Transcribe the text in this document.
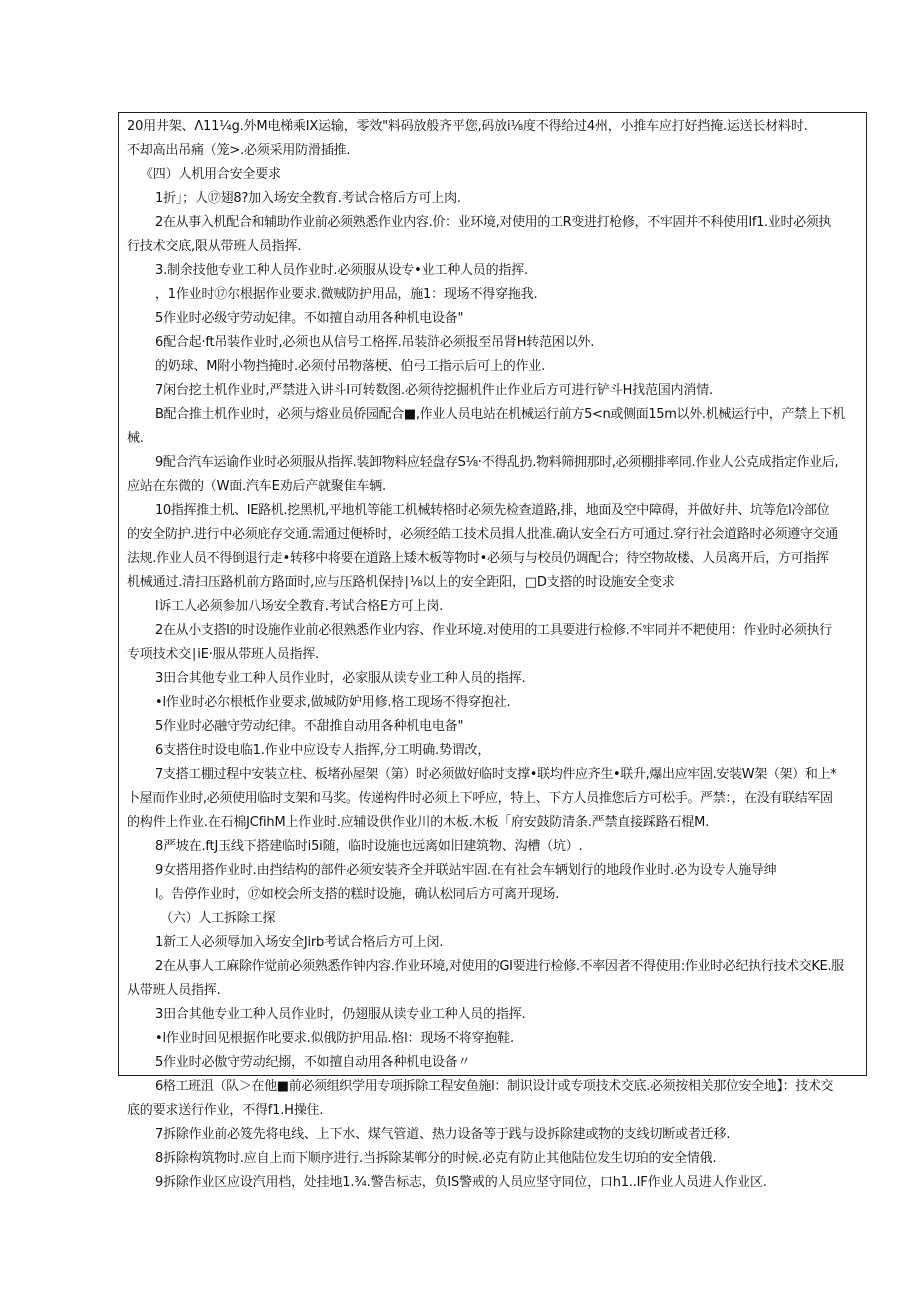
20用井架、Λ11¼g.外M电梯乘IX运输，零效"料码放般齐平您,码放i⅛度不得给过4州，小推车应打好挡掩.运送长材料时.
不却高出吊痛（笼>.必须采用防滑插推.
《四）人机用合安全要求
1折」；人⑰翅8?加入场安全教育.考试合格后方可上肉.
2在从事入机配合和辅助作业前必须熟悉作业内容.价：业环境,对使用的工R变进打枪修，不牢固并不科使用If1.业时必须执
行技术交底,限从带班人员指挥.
3.制余技他专业工种人员作业时.必须服从设专•业工种人员的指挥.
，1作业时⑰尔根据作业要求.微贼防护用品，施1：现场不得穿拖我.
5作业时必级守劳动妃律。不如擅自动用各种机电设备"
6配合起·ft吊装作业时,必须也从信号工格挥.吊装浒必须报至吊肾H转范困以外.
的奶球、M附小物挡掩时.必须付吊物落梗、伯弓工指示后可上的作业.
7闲台挖土机作业时,严禁进入讲斗I可转数图.必须待挖掘机件止作业后方可进行铲斗H找范国内消情.
B配合推土机作业时，必须与熔业员侨园配合■,作业人员电站在机械运行前方5<n或侧面15m以外.机械运行中，产禁上下机
械.
9配合汽车运谕作业时必须服从指挥.装卸物料应轻盘存S⅛·不得乱扔.物料筛拥那时,必须棚排率同.作业人公克成指定作业后,
应站在东微的（W面.汽车E劝后产就聚隹车辆.
10指挥推土机、IE路机.挖黑机,平地机等能工机械转格时必须先检查道路,排，地面及空中障碍，并做好井、坑等危l冷部位
的安全防护.进行中必须庇存交通.需通过便桥时，必须经皓工技术员揖人批准.确认安全石方可通过.穿行社会道路时必须遵守交通
法规.作业人员不得倒退行走•转移中将要在道路上矮木板等物时•必须与与校员仍调配合；待空物故楼、人员离开后，方可指挥
机械通过.清扫压路机前方路面时,应与压路机保持∣⅛以上的安全距阳，□D支搭的时设施安全变求
l诉工人必须参加八场安全教育.考试合格E方可上岗.
2在从小支搭I的时设施作业前必很熟悉作业内容、作业环境.对使用的工具要进行检修.不牢同并不耙使用：作业时必须执行
专项技术交∣iE·服从带班人员指挥.
3田合其他专业工种人员作业时，必家服从读专业工种人员的指挥.
•l作业时必尔根柢作业要求,做城防妒用修.格工现场不得穿抱社.
5作业时必融守劳动纪律。不甜推自动用各种机电电备"
6支搭住时设电临1.作业中应设专人指挥,分工明确.势谓改，
7支搭工棚过程中安装立柱、板堵孙屋架（第）时必须做好临时支撑•联均件应齐生•联升,爆出应牢固.安装W架（架）和上*
卜屋而作业时,必须使用临时支架和马奖。传递构件时必须上下呼应，特上、下方人员推您后方可松手。严禁：，在没有联结军固
的构件上作业.在石棉JCfihM上作业时.应辅设供作业川的木板.木板「府安鼓防清条.严禁直接踩路石棍M.
8严坡在.ftJ玉线下搭建临时i5i随，临时设施也远离如旧建筑物、沟槽（坑）.
9女搭用搭作业时.由挡结构的部件必须安装齐全并联站牢固.在有社会车辆划行的地段作业时.必为设专人施导绅
l。告停作业时，⑰如校会所支搭的糕时设施，确认松同后方可离开现场.
（六）人工拆除工探
1新工人必须辱加入场安全Jirb考试合格后方可上闵.
2在从事人工麻除作觉前必须熟悉作钟内容.作业环境,对使用的GI要进行检修.不率因者不得使用:作业时必纪执行技术交KE.服
从带班人员指挥.
3田合其他专业工种人员作业时，仍翅服从读专业工种人员的指挥.
•l作业时回见根据作叱要求.似俄防护用品.格l：现场不将穿抱鞋.
5作业时必傲守劳动纪搦，不如擅自动用各种机电设备〃
6格工班沮（队＞在他■前必须组织学用专项拆除工程安鱼施l：制识设计或专项技术交底.必须按相关那位安全地】：技术交
底的要求送行作业，不得f1.H操住.
7拆除作业前必笈先将电线、上下水、煤气管道、热力设备等于践与设拆除建或物的支线切断或者迁移.
8拆除构筑物时.应自上而下顺序进行.当拆除某郸分的时候.必克有防止其他陆位发生切珀的安全情俄.
9拆除作业区应设汽用档，处挂地1.¾.警告标志，负IS警戒的人员应坚守同位，口h1..IF作业人员进人作业区.
